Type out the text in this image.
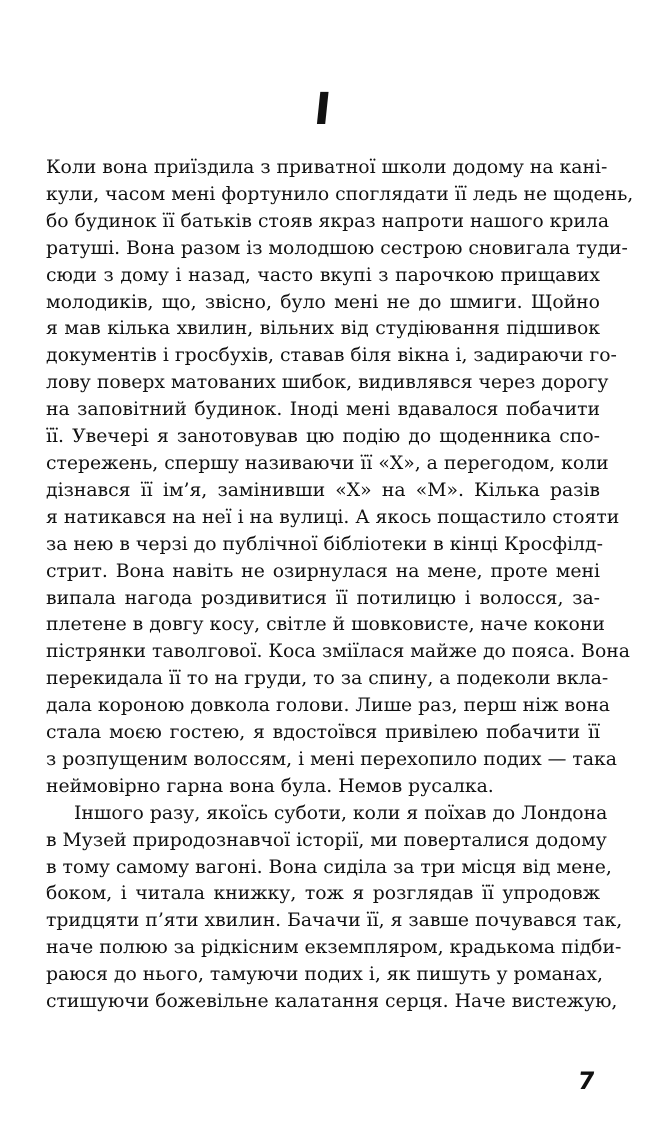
I
Коли вона приїздила з приватної школи додому на кані-
кули, часом мені фортунило споглядати її ледь не щодень,
бо будинок її батьків стояв якраз напроти нашого крила
ратуші. Вона разом із молодшою сестрою сновигала туди-
сюди з дому і назад, часто вкупі з парочкою прищавих
молодиків, що, звісно, було мені не до шмиги. Щойно
я мав кілька хвилин, вільних від студіювання підшивок
документів і гросбухів, ставав біля вікна і, задираючи го-
лову поверх матованих шибок, видивлявся через дорогу
на заповітний будинок. Іноді мені вдавалося побачити
її. Увечері я занотовував цю подію до щоденника спо-
стережень, спершу називаючи її «Х», а перегодом, коли
дізнався її ім’я, замінивши «Х» на «М». Кілька разів
я натикався на неї і на вулиці. А якось пощастило стояти
за нею в черзі до публічної бібліотеки в кінці Кросфілд-
стрит. Вона навіть не озирнулася на мене, проте мені
випала нагода роздивитися її потилицю і волосся, за-
плетене в довгу косу, світле й шовковисте, наче кокони
пістрянки таволгової. Коса зміїлася майже до пояса. Вона
перекидала її то на груди, то за спину, а подеколи вкла-
дала короною довкола голови. Лише раз, перш ніж вона
стала моєю гостею, я вдостоївся привілею побачити її
з розпущеним волоссям, і мені перехопило подих — така
неймовірно гарна вона була. Немов русалка.
Іншого разу, якоїсь суботи, коли я поїхав до Лондона
в Музей природознавчої історії, ми поверталися додому
в тому самому вагоні. Вона сиділа за три місця від мене,
боком, і читала книжку, тож я розглядав її упродовж
тридцяти п’яти хвилин. Бачачи її, я завше почувався так,
наче полюю за рідкісним екземпляром, крадькома підби-
раюся до нього, тамуючи подих і, як пишуть у романах,
стишуючи божевільне калатання серця. Наче вистежую,
7
